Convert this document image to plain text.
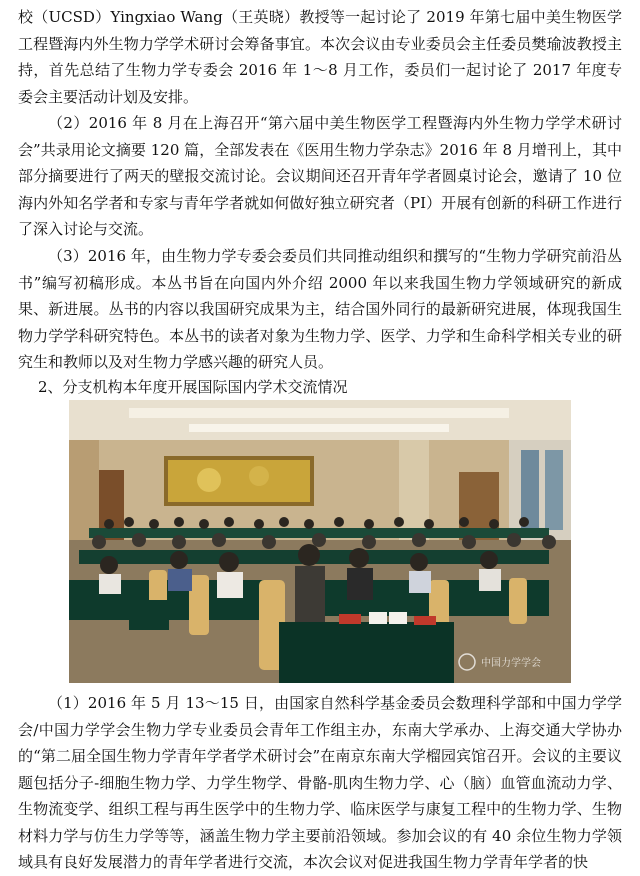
校（UCSD）Yingxiao Wang（王英晓）教授等一起讨论了 2019 年第七届中美生物医学工程暨海内外生物力学学术研讨会筹备事宜。本次会议由专业委员会主任委员樊瑜波教授主持，首先总结了生物力学专委会 2016 年 1～8 月工作，委员们一起讨论了 2017 年度专委会主要活动计划及安排。

（2）2016 年 8 月在上海召开“第六届中美生物医学工程暨海内外生物力学学术研讨会”共录用论文摘要 120 篇，全部发表在《医用生物力学杂志》2016 年 8 月增刊上，其中部分摘要进行了两天的壁报交流讨论。会议期间还召开青年学者圆桌讨论会，邀请了 10 位海内外知名学者和专家与青年学者就如何做好独立研究者（PI）开展有创新的科研工作进行了深入讨论与交流。

（3）2016 年，由生物力学专委会委员们共同推动组织和撰写的“生物力学研究前沿丛书”编写初稿形成。本丛书旨在向国内外介绍 2000 年以来我国生物力学领域研究的新成果、新进展。丛书的内容以我国研究成果为主，结合国外同行的最新研究进展，体现我国生物力学学科研究特色。本丛书的读者对象为生物力学、医学、力学和生命科学相关专业的研究生和教师以及对生物力学感兴趣的研究人员。

2、分支机构本年度开展国际国内学术交流情况

中国力学学会

（1）2016 年 5 月 13～15 日，由国家自然科学基金委员会数理科学部和中国力学学会/中国力学学会生物力学专业委员会青年工作组主办，东南大学承办、上海交通大学协办的“第二届全国生物力学青年学者学术研讨会”在南京东南大学榴园宾馆召开。会议的主要议题包括分子-细胞生物力学、力学生物学、骨骼-肌肉生物力学、心（脑）血管血流动力学、生物流变学、组织工程与再生医学中的生物力学、临床医学与康复工程中的生物力学、生物材料力学与仿生力学等等，涵盖生物力学主要前沿领域。参加会议的有 40 余位生物力学领域具有良好发展潜力的青年学者进行交流，本次会议对促进我国生物力学青年学者的快
